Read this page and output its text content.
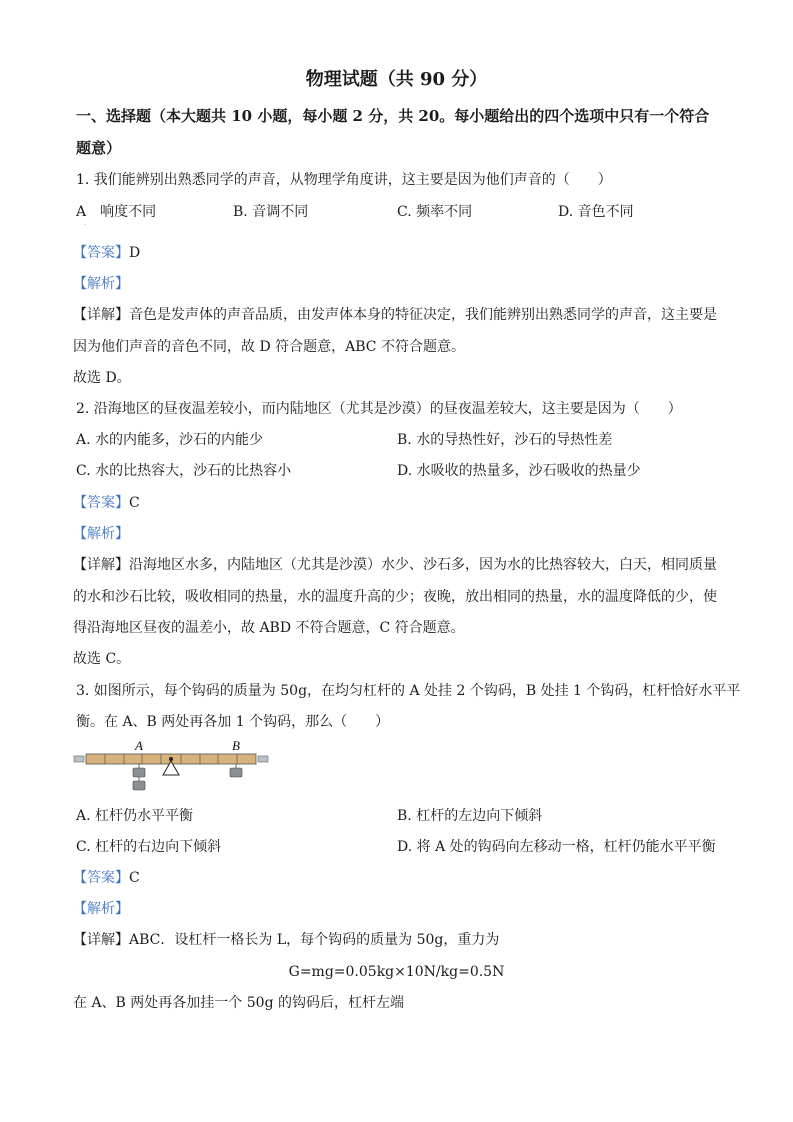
物理试题（共 90 分）
一、选择题（本大题共 10 小题，每小题 2 分，共 20。每小题给出的四个选项中只有一个符合
题意）
1. 我们能辨别出熟悉同学的声音，从物理学角度讲，这主要是因为他们声音的（　　）
A　响度不同	B. 音调不同	C. 频率不同	D. 音色不同
·
【答案】D
【解析】
【详解】音色是发声体的声音品质，由发声体本身的特征决定，我们能辨别出熟悉同学的声音，这主要是
因为他们声音的音色不同，故 D 符合题意，ABC 不符合题意。
故选 D。
2. 沿海地区的昼夜温差较小，而内陆地区（尤其是沙漠）的昼夜温差较大，这主要是因为（　　）
A. 水的内能多，沙石的内能少	B. 水的导热性好，沙石的导热性差
C. 水的比热容大，沙石的比热容小	D. 水吸收的热量多，沙石吸收的热量少
【答案】C
【解析】
【详解】沿海地区水多，内陆地区（尤其是沙漠）水少、沙石多，因为水的比热容较大，白天，相同质量
的水和沙石比较，吸收相同的热量，水的温度升高的少；夜晚，放出相同的热量，水的温度降低的少，使
得沿海地区昼夜的温差小，故 ABD 不符合题意，C 符合题意。
故选 C。
3. 如图所示，每个钩码的质量为 50g，在均匀杠杆的 A 处挂 2 个钩码，B 处挂 1 个钩码，杠杆恰好水平平
衡。在 A、B 两处再各加 1 个钩码，那么（　　）
A	B
A. 杠杆仍水平平衡	B. 杠杆的左边向下倾斜
C. 杠杆的右边向下倾斜	D. 将 A 处的钩码向左移动一格，杠杆仍能水平平衡
【答案】C
【解析】
【详解】ABC．设杠杆一格长为 L，每个钩码的质量为 50g，重力为
G=mg=0.05kg×10N/kg=0.5N
在 A、B 两处再各加挂一个 50g 的钩码后，杠杆左端
